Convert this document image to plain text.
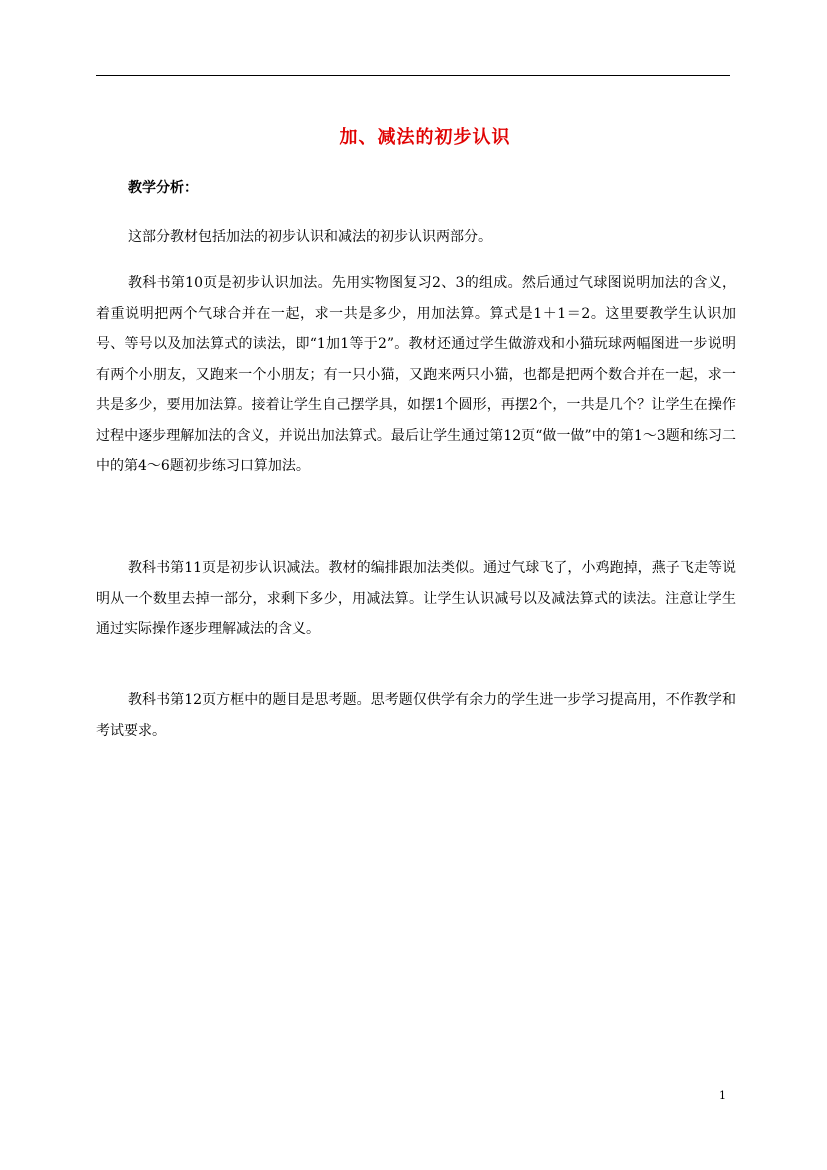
加、减法的初步认识
教学分析：

这部分教材包括加法的初步认识和减法的初步认识两部分。

教科书第10页是初步认识加法。先用实物图复习2、3的组成。然后通过气球图说明加法的含义，着重说明把两个气球合并在一起，求一共是多少，用加法算。算式是1＋1＝2。这里要教学生认识加号、等号以及加法算式的读法，即“1加1等于2”。教材还通过学生做游戏和小猫玩球两幅图进一步说明有两个小朋友，又跑来一个小朋友；有一只小猫，又跑来两只小猫，也都是把两个数合并在一起，求一共是多少，要用加法算。接着让学生自己摆学具，如摆1个圆形，再摆2个，一共是几个？让学生在操作过程中逐步理解加法的含义，并说出加法算式。最后让学生通过第12页“做一做”中的第1～3题和练习二中的第4～6题初步练习口算加法。

教科书第11页是初步认识减法。教材的编排跟加法类似。通过气球飞了，小鸡跑掉，燕子飞走等说明从一个数里去掉一部分，求剩下多少，用减法算。让学生认识减号以及减法算式的读法。注意让学生通过实际操作逐步理解减法的含义。

教科书第12页方框中的题目是思考题。思考题仅供学有余力的学生进一步学习提高用，不作教学和考试要求。

1
